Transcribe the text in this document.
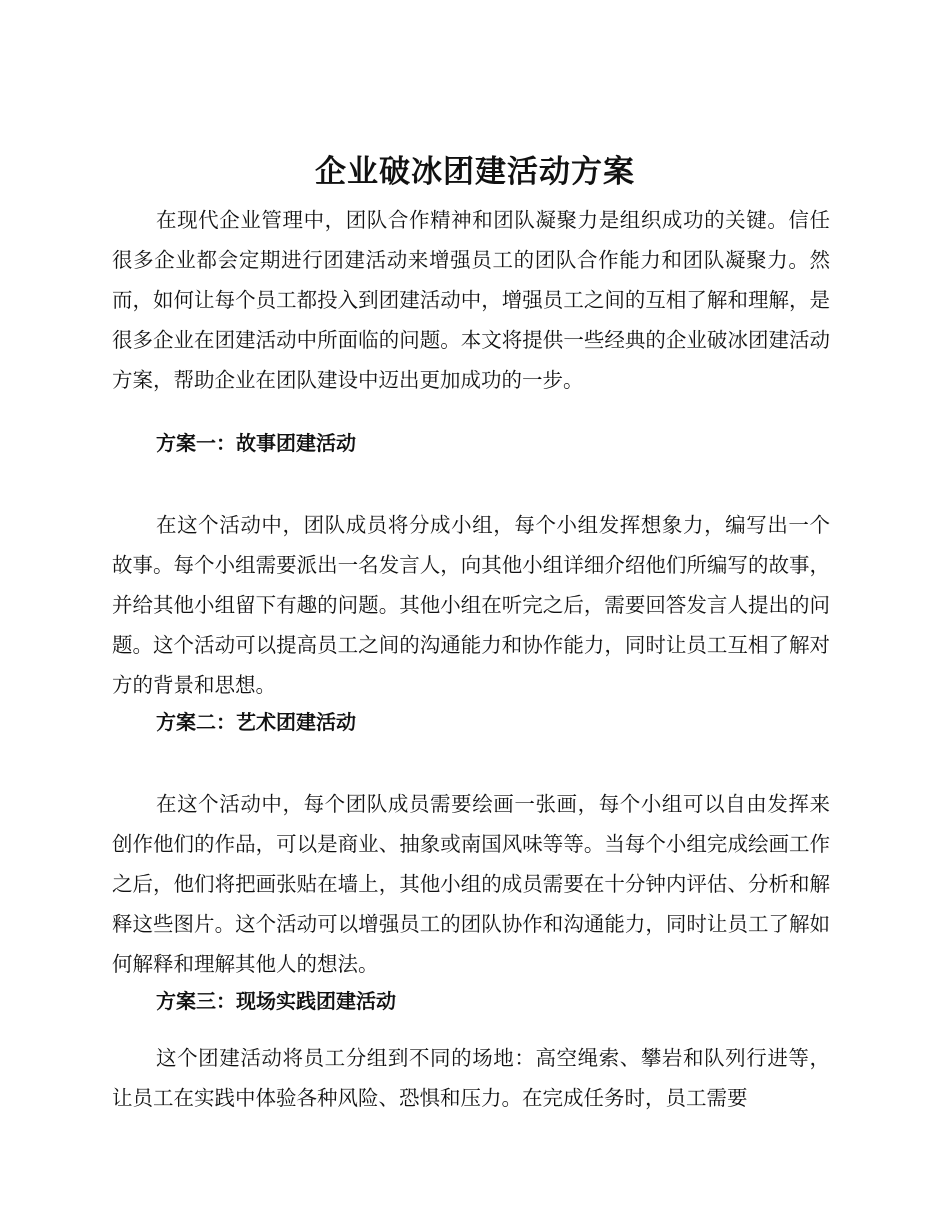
企业破冰团建活动方案

在现代企业管理中，团队合作精神和团队凝聚力是组织成功的关键。信任很多企业都会定期进行团建活动来增强员工的团队合作能力和团队凝聚力。然而，如何让每个员工都投入到团建活动中，增强员工之间的互相了解和理解，是很多企业在团建活动中所面临的问题。本文将提供一些经典的企业破冰团建活动方案，帮助企业在团队建设中迈出更加成功的一步。

方案一：故事团建活动

在这个活动中，团队成员将分成小组，每个小组发挥想象力，编写出一个故事。每个小组需要派出一名发言人，向其他小组详细介绍他们所编写的故事，并给其他小组留下有趣的问题。其他小组在听完之后，需要回答发言人提出的问题。这个活动可以提高员工之间的沟通能力和协作能力，同时让员工互相了解对方的背景和思想。

方案二：艺术团建活动

在这个活动中，每个团队成员需要绘画一张画，每个小组可以自由发挥来创作他们的作品，可以是商业、抽象或南国风味等等。当每个小组完成绘画工作之后，他们将把画张贴在墙上，其他小组的成员需要在十分钟内评估、分析和解释这些图片。这个活动可以增强员工的团队协作和沟通能力，同时让员工了解如何解释和理解其他人的想法。

方案三：现场实践团建活动

这个团建活动将员工分组到不同的场地：高空绳索、攀岩和队列行进等，让员工在实践中体验各种风险、恐惧和压力。在完成任务时，员工需要
